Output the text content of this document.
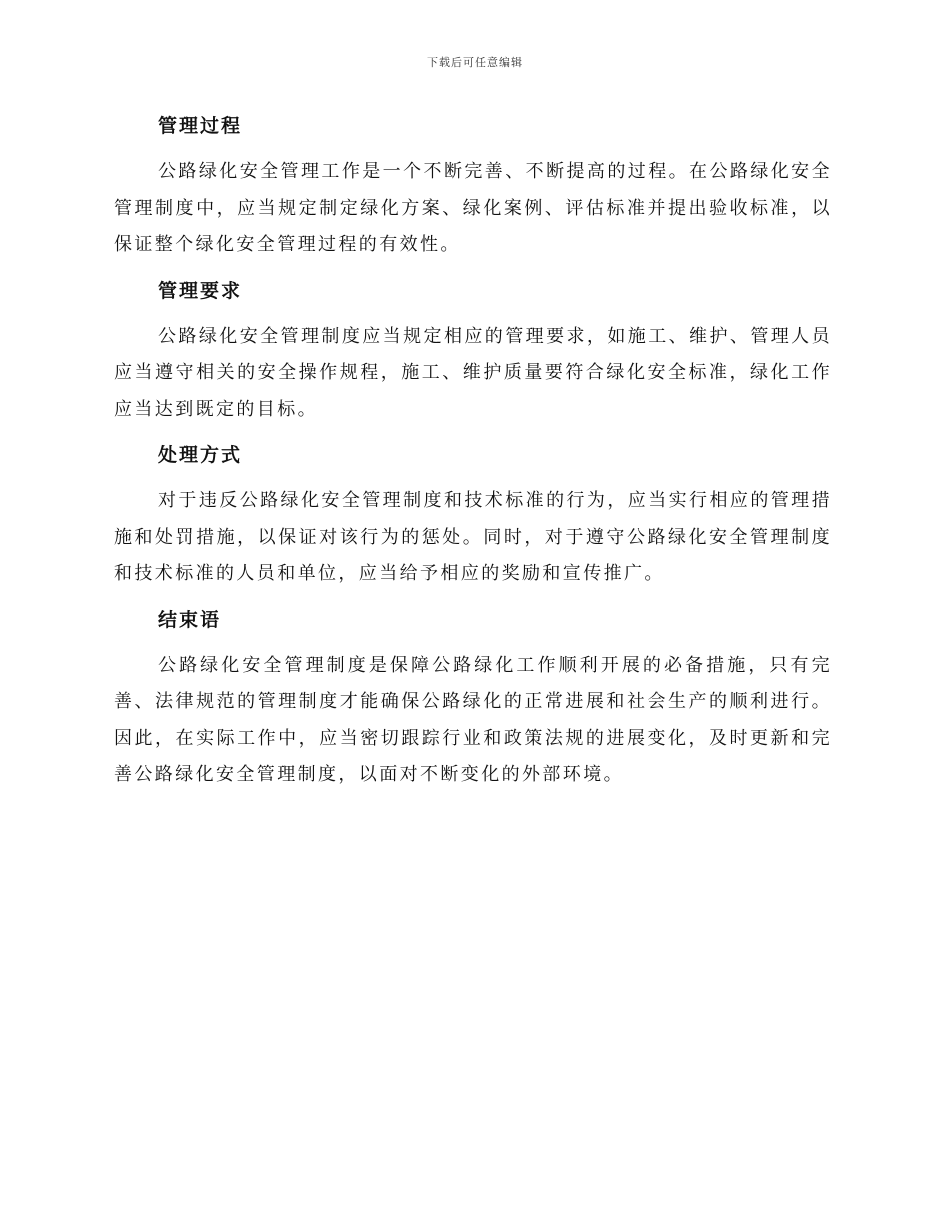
下载后可任意编辑
管理过程

公路绿化安全管理工作是一个不断完善、不断提高的过程。在公路绿化安全管理制度中，应当规定制定绿化方案、绿化案例、评估标准并提出验收标准，以保证整个绿化安全管理过程的有效性。

管理要求

公路绿化安全管理制度应当规定相应的管理要求，如施工、维护、管理人员应当遵守相关的安全操作规程，施工、维护质量要符合绿化安全标准，绿化工作应当达到既定的目标。

处理方式

对于违反公路绿化安全管理制度和技术标准的行为，应当实行相应的管理措施和处罚措施，以保证对该行为的惩处。同时，对于遵守公路绿化安全管理制度和技术标准的人员和单位，应当给予相应的奖励和宣传推广。

结束语

公路绿化安全管理制度是保障公路绿化工作顺利开展的必备措施，只有完善、法律规范的管理制度才能确保公路绿化的正常进展和社会生产的顺利进行。因此，在实际工作中，应当密切跟踪行业和政策法规的进展变化，及时更新和完善公路绿化安全管理制度，以面对不断变化的外部环境。
